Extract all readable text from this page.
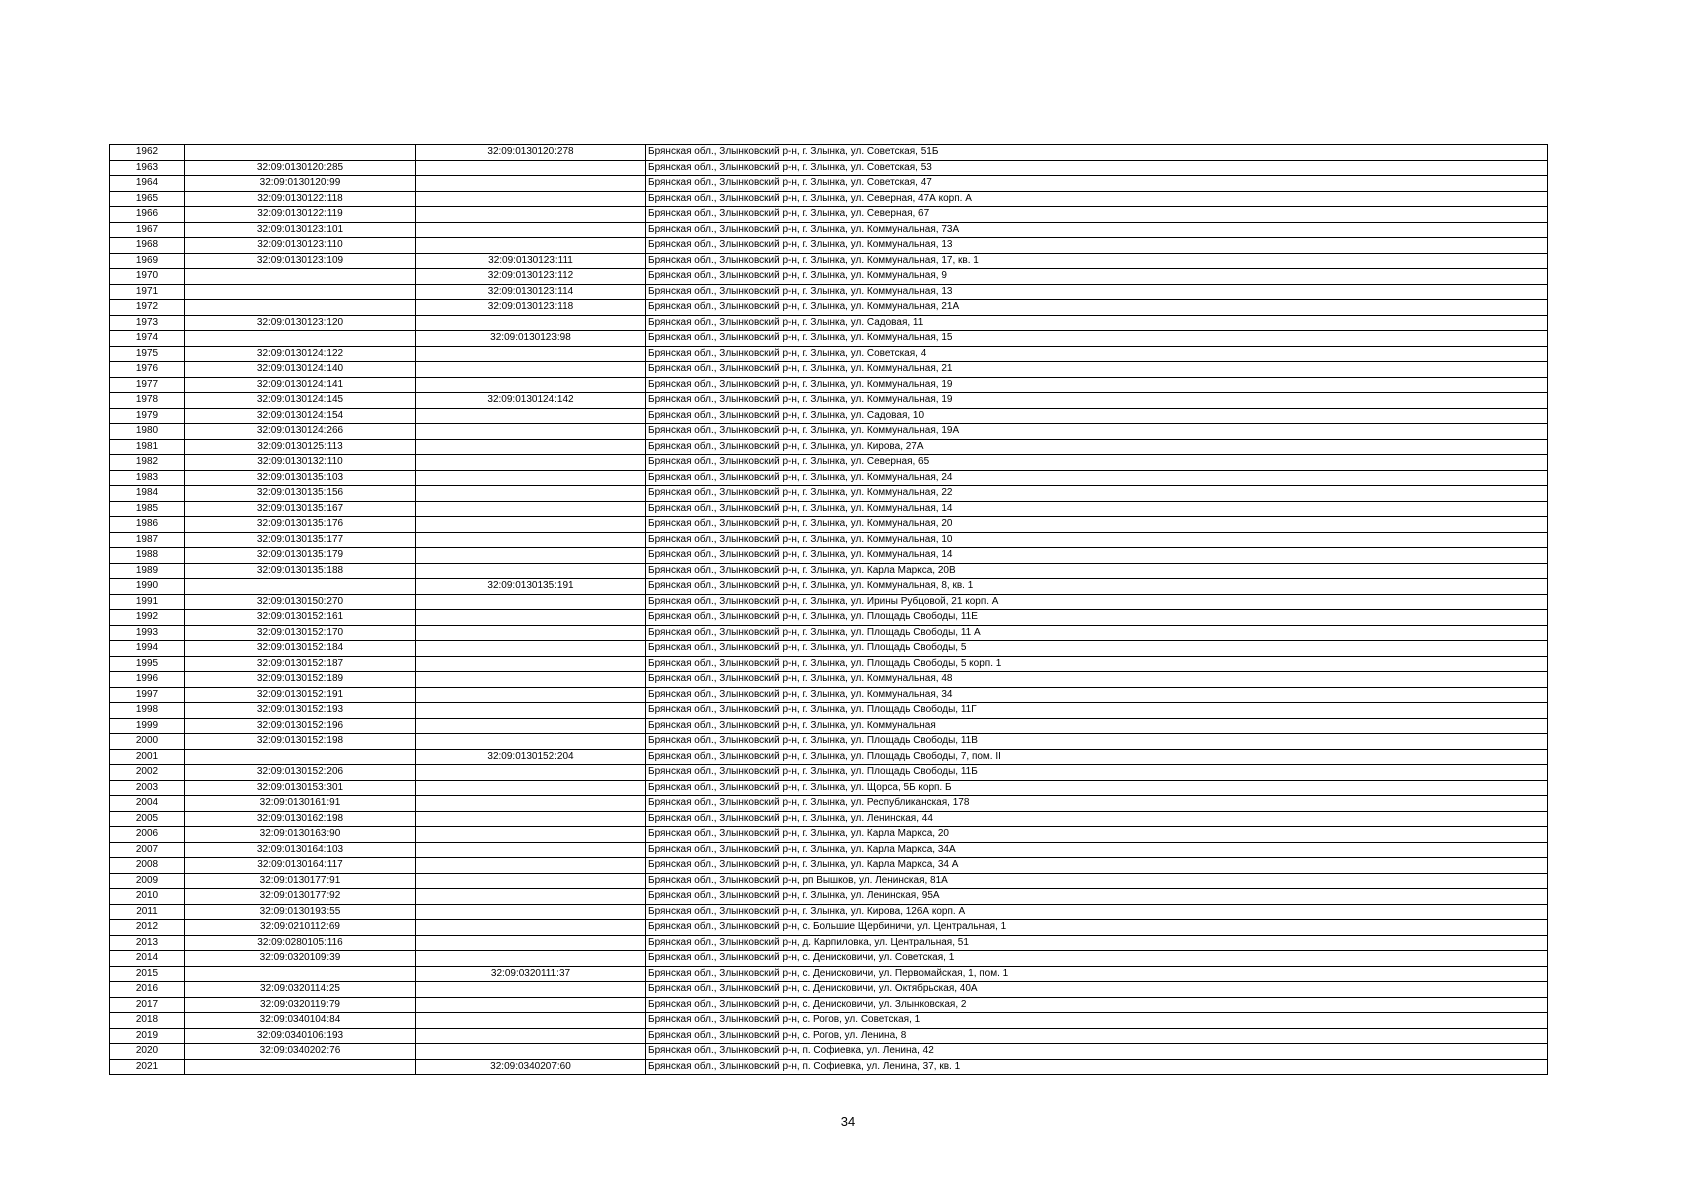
1962		32:09:0130120:278	Брянская обл., Злынковский р-н, г. Злынка, ул. Советская, 51Б
1963	32:09:0130120:285		Брянская обл., Злынковский р-н, г. Злынка, ул. Советская, 53
1964	32:09:0130120:99		Брянская обл., Злынковский р-н, г. Злынка, ул. Советская, 47
1965	32:09:0130122:118		Брянская обл., Злынковский р-н, г. Злынка, ул. Северная, 47А корп. А
1966	32:09:0130122:119		Брянская обл., Злынковский р-н, г. Злынка, ул. Северная, 67
1967	32:09:0130123:101		Брянская обл., Злынковский р-н, г. Злынка, ул. Коммунальная, 73А
1968	32:09:0130123:110		Брянская обл., Злынковский р-н, г. Злынка, ул. Коммунальная, 13
1969	32:09:0130123:109	32:09:0130123:111	Брянская обл., Злынковский р-н, г. Злынка, ул. Коммунальная, 17, кв. 1
1970		32:09:0130123:112	Брянская обл., Злынковский р-н, г. Злынка, ул. Коммунальная, 9
1971		32:09:0130123:114	Брянская обл., Злынковский р-н, г. Злынка, ул. Коммунальная, 13
1972		32:09:0130123:118	Брянская обл., Злынковский р-н, г. Злынка, ул. Коммунальная, 21А
1973	32:09:0130123:120		Брянская обл., Злынковский р-н, г. Злынка, ул. Садовая, 11
1974		32:09:0130123:98	Брянская обл., Злынковский р-н, г. Злынка, ул. Коммунальная, 15
1975	32:09:0130124:122		Брянская обл., Злынковский р-н, г. Злынка, ул. Советская, 4
1976	32:09:0130124:140		Брянская обл., Злынковский р-н, г. Злынка, ул. Коммунальная, 21
1977	32:09:0130124:141		Брянская обл., Злынковский р-н, г. Злынка, ул. Коммунальная, 19
1978	32:09:0130124:145	32:09:0130124:142	Брянская обл., Злынковский р-н, г. Злынка, ул. Коммунальная, 19
1979	32:09:0130124:154		Брянская обл., Злынковский р-н, г. Злынка, ул. Садовая, 10
1980	32:09:0130124:266		Брянская обл., Злынковский р-н, г. Злынка, ул. Коммунальная, 19А
1981	32:09:0130125:113		Брянская обл., Злынковский р-н, г. Злынка, ул. Кирова, 27А
1982	32:09:0130132:110		Брянская обл., Злынковский р-н, г. Злынка, ул. Северная, 65
1983	32:09:0130135:103		Брянская обл., Злынковский р-н, г. Злынка, ул. Коммунальная, 24
1984	32:09:0130135:156		Брянская обл., Злынковский р-н, г. Злынка, ул. Коммунальная, 22
1985	32:09:0130135:167		Брянская обл., Злынковский р-н, г. Злынка, ул. Коммунальная, 14
1986	32:09:0130135:176		Брянская обл., Злынковский р-н, г. Злынка, ул. Коммунальная, 20
1987	32:09:0130135:177		Брянская обл., Злынковский р-н, г. Злынка, ул. Коммунальная, 10
1988	32:09:0130135:179		Брянская обл., Злынковский р-н, г. Злынка, ул. Коммунальная, 14
1989	32:09:0130135:188		Брянская обл., Злынковский р-н, г. Злынка, ул. Карла Маркса, 20В
1990		32:09:0130135:191	Брянская обл., Злынковский р-н, г. Злынка, ул. Коммунальная, 8, кв. 1
1991	32:09:0130150:270		Брянская обл., Злынковский р-н, г. Злынка, ул. Ирины Рубцовой, 21 корп. А
1992	32:09:0130152:161		Брянская обл., Злынковский р-н, г. Злынка, ул. Площадь Свободы, 11Е
1993	32:09:0130152:170		Брянская обл., Злынковский р-н, г. Злынка, ул. Площадь Свободы, 11 А
1994	32:09:0130152:184		Брянская обл., Злынковский р-н, г. Злынка, ул. Площадь Свободы, 5
1995	32:09:0130152:187		Брянская обл., Злынковский р-н, г. Злынка, ул. Площадь Свободы, 5 корп. 1
1996	32:09:0130152:189		Брянская обл., Злынковский р-н, г. Злынка, ул. Коммунальная, 48
1997	32:09:0130152:191		Брянская обл., Злынковский р-н, г. Злынка, ул. Коммунальная, 34
1998	32:09:0130152:193		Брянская обл., Злынковский р-н, г. Злынка, ул. Площадь Свободы, 11Г
1999	32:09:0130152:196		Брянская обл., Злынковский р-н, г. Злынка, ул. Коммунальная
2000	32:09:0130152:198		Брянская обл., Злынковский р-н, г. Злынка, ул. Площадь Свободы, 11В
2001		32:09:0130152:204	Брянская обл., Злынковский р-н, г. Злынка, ул. Площадь Свободы, 7, пом. II
2002	32:09:0130152:206		Брянская обл., Злынковский р-н, г. Злынка, ул. Площадь Свободы, 11Б
2003	32:09:0130153:301		Брянская обл., Злынковский р-н, г. Злынка, ул. Щорса, 5Б корп. Б
2004	32:09:0130161:91		Брянская обл., Злынковский р-н, г. Злынка, ул. Республиканская, 178
2005	32:09:0130162:198		Брянская обл., Злынковский р-н, г. Злынка, ул. Ленинская, 44
2006	32:09:0130163:90		Брянская обл., Злынковский р-н, г. Злынка, ул. Карла Маркса, 20
2007	32:09:0130164:103		Брянская обл., Злынковский р-н, г. Злынка, ул. Карла Маркса, 34А
2008	32:09:0130164:117		Брянская обл., Злынковский р-н, г. Злынка, ул. Карла Маркса, 34 А
2009	32:09:0130177:91		Брянская обл., Злынковский р-н, рп Вышков, ул. Ленинская, 81А
2010	32:09:0130177:92		Брянская обл., Злынковский р-н, г. Злынка, ул. Ленинская, 95А
2011	32:09:0130193:55		Брянская обл., Злынковский р-н, г. Злынка, ул. Кирова, 126А корп. А
2012	32:09:0210112:69		Брянская обл., Злынковский р-н, с. Большие Щербиничи, ул. Центральная, 1
2013	32:09:0280105:116		Брянская обл., Злынковский р-н, д. Карпиловка, ул. Центральная, 51
2014	32:09:0320109:39		Брянская обл., Злынковский р-н, с. Денисковичи, ул. Советская, 1
2015		32:09:0320111:37	Брянская обл., Злынковский р-н, с. Денисковичи, ул. Первомайская, 1, пом. 1
2016	32:09:0320114:25		Брянская обл., Злынковский р-н, с. Денисковичи, ул. Октябрьская, 40А
2017	32:09:0320119:79		Брянская обл., Злынковский р-н, с. Денисковичи, ул. Злынковская, 2
2018	32:09:0340104:84		Брянская обл., Злынковский р-н, с. Рогов, ул. Советская, 1
2019	32:09:0340106:193		Брянская обл., Злынковский р-н, с. Рогов, ул. Ленина, 8
2020	32:09:0340202:76		Брянская обл., Злынковский р-н, п. Софиевка, ул. Ленина, 42
2021		32:09:0340207:60	Брянская обл., Злынковский р-н, п. Софиевка, ул. Ленина, 37, кв. 1
34
